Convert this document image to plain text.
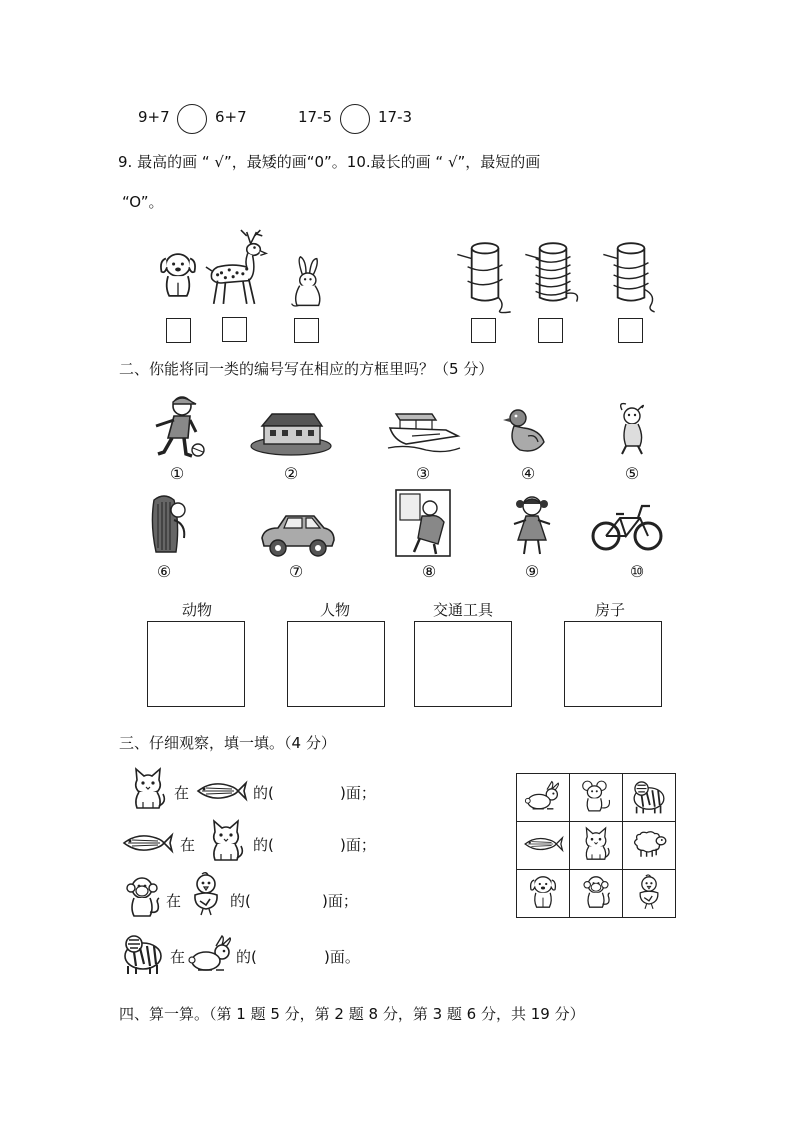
9+7	6+7	17-5	17-3
9. 最高的画 “ √”，最矮的画“0”。10.最长的画 “ √”，最短的画
“O”。
二、你能将同一类的编号写在相应的方框里吗？（5 分）
①	②	③	④	⑤
⑥	⑦	⑧	⑨	⑩
动物	人物	交通工具	房子
三、仔细观察，填一填。（4 分）
在	的(	)面；
在	的(	)面；
在	的(	)面；
在	的(	)面。

四、算一算。（第 1 题 5 分，第 2 题 8 分，第 3 题 6 分，共 19 分）
